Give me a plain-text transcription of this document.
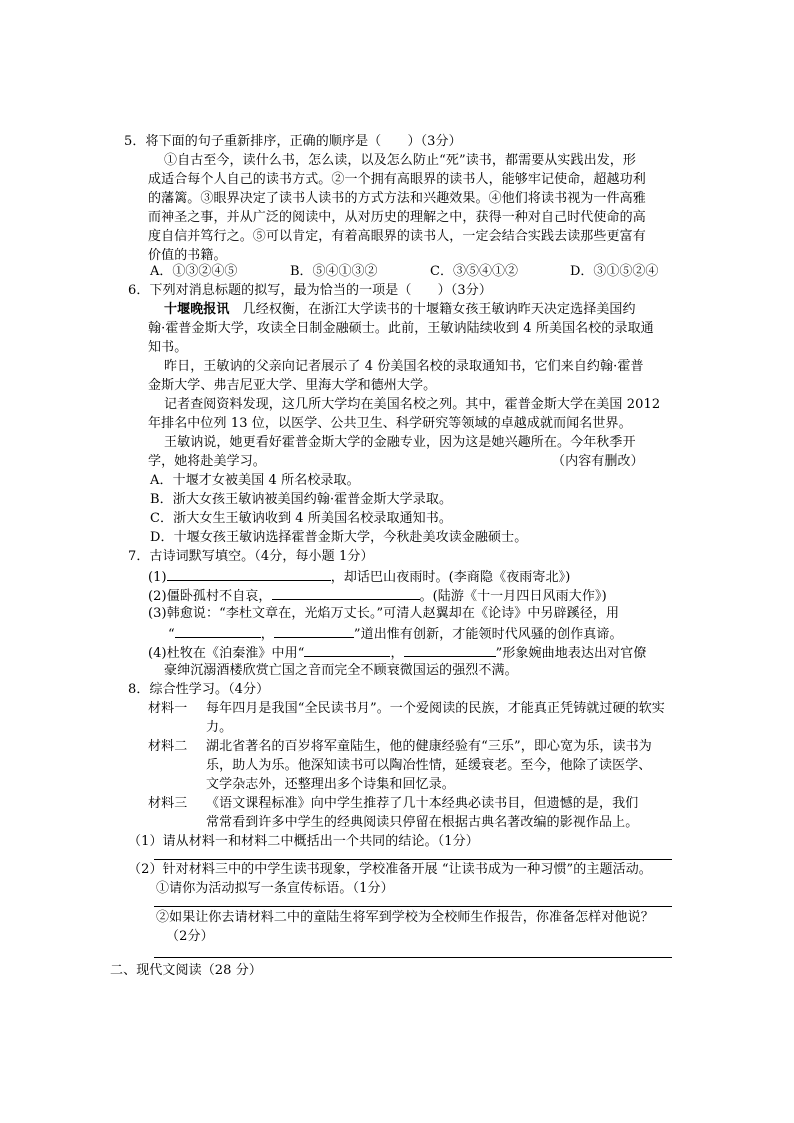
5．将下面的句子重新排序，正确的顺序是（　　）（3分）
①自古至今，读什么书，怎么读，以及怎么防止“死”读书，都需要从实践出发，形
成适合每个人自己的读书方式。②一个拥有高眼界的读书人，能够牢记使命，超越功利
的藩篱。③眼界决定了读书人读书的方式方法和兴趣效果。④他们将读书视为一件高雅
而神圣之事，并从广泛的阅读中，从对历史的理解之中，获得一种对自己时代使命的高
度自信并笃行之。⑤可以肯定，有着高眼界的读书人，一定会结合实践去读那些更富有
价值的书籍。
A．①③②④⑤	B．⑤④①③②	C．③⑤④①②	D．③①⑤②④
6．下列对消息标题的拟写，最为恰当的一项是（　　）（3分）
十堰晚报讯　几经权衡，在浙江大学读书的十堰籍女孩王敏讷昨天决定选择美国约
翰·霍普金斯大学，攻读全日制金融硕士。此前，王敏讷陆续收到 4 所美国名校的录取通
知书。
昨日，王敏讷的父亲向记者展示了 4 份美国名校的录取通知书，它们来自约翰·霍普
金斯大学、弗吉尼亚大学、里海大学和德州大学。
记者查阅资料发现，这几所大学均在美国名校之列。其中，霍普金斯大学在美国 2012
年排名中位列 13 位，以医学、公共卫生、科学研究等领域的卓越成就而闻名世界。
王敏讷说，她更看好霍普金斯大学的金融专业，因为这是她兴趣所在。今年秋季开
学，她将赴美学习。	（内容有删改）
A．十堰才女被美国 4 所名校录取。
B．浙大女孩王敏讷被美国约翰·霍普金斯大学录取。
C．浙大女生王敏讷收到 4 所美国名校录取通知书。
D．十堰女孩王敏讷选择霍普金斯大学，今秋赴美攻读金融硕士。
7．古诗词默写填空。（4分，每小题 1分）
(1)	，却话巴山夜雨时。(李商隐《夜雨寄北》)
(2)僵卧孤村不自哀，	。(陆游《十一月四日风雨大作》)
(3)韩愈说：“李杜文章在，光焰万丈长。”可清人赵翼却在《论诗》中另辟蹊径，用
“	，	”道出惟有创新，才能领时代风骚的创作真谛。
(4)杜牧在《泊秦淮》中用“	，	”形象婉曲地表达出对官僚
豪绅沉溺酒楼欣赏亡国之音而完全不顾衰微国运的强烈不满。
8．综合性学习。（4分）
材料一 每年四月是我国“全民读书月”。一个爱阅读的民族，才能真正凭铸就过硬的软实
力。
材料二 湖北省著名的百岁将军童陆生，他的健康经验有“三乐”，即心宽为乐，读书为
乐，助人为乐。他深知读书可以陶冶性情，延缓衰老。至今，他除了读医学、
文学杂志外，还整理出多个诗集和回忆录。
材料三 《语文课程标准》向中学生推荐了几十本经典必读书目，但遗憾的是，我们
常常看到许多中学生的经典阅读只停留在根据古典名著改编的影视作品上。
（1）请从材料一和材料二中概括出一个共同的结论。（1分）
（2）针对材料三中的中学生读书现象，学校准备开展 “让读书成为一种习惯”的主题活动。
①请你为活动拟写一条宣传标语。（1分）
②如果让你去请材料二中的童陆生将军到学校为全校师生作报告，你准备怎样对他说？
（2分）
二、现代文阅读（28 分）
